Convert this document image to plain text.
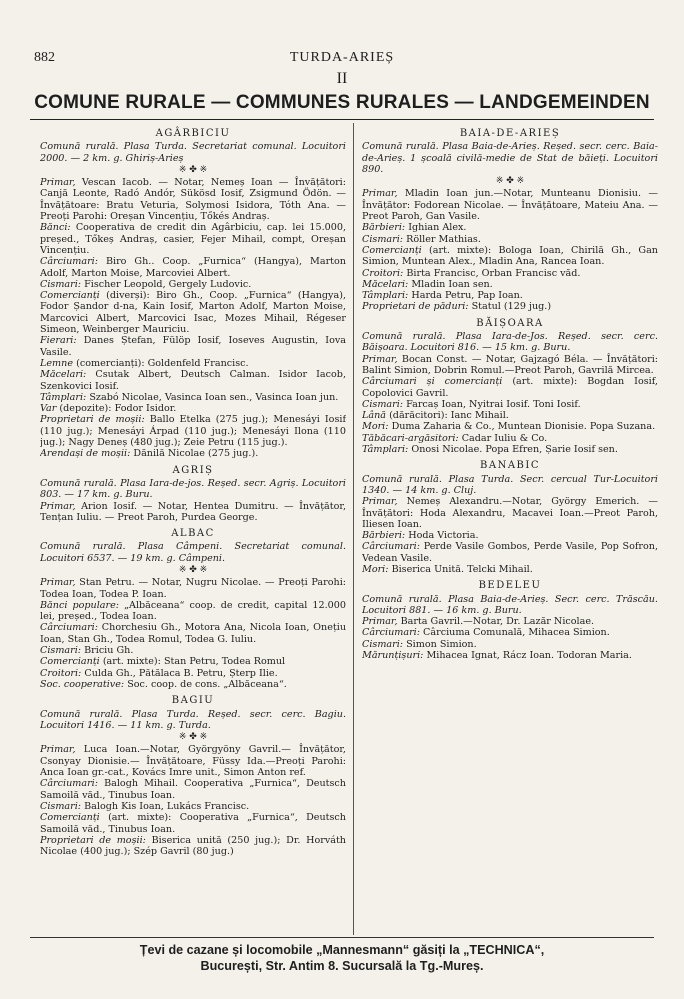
882	TURDA-ARIEȘ
II
COMUNE RURALE — COMMUNES RURALES — LANDGEMEINDEN
AGÂRBICIU

Comună rurală. Plasa Turda. Secretariat comunal. Locuitori 2000. — 2 km. g. Ghiriș-Arieș

※ ✤ ※

Primar, Vescan Iacob. — Notar, Nemeș Ioan — Învățători: Canjă Leonte, Radó Andór, Sükösd Iosif, Zsigmund Ödön. — Învățătoare: Bratu Veturia, Solymosi Isidora, Tóth Ana. — Preoți Parohi: Oreșan Vincențiu, Tőkés Andraș.

Bănci: Cooperativa de credit din Agârbiciu, cap. lei 15.000, președ., Tőkeș Andraș, casier, Fejer Mihail, compt, Oreșan Vincențiu.

Cârciumari: Biro Gh.. Coop. „Furnica“ (Hangya), Marton Adolf, Marton Moise, Marcoviei Albert.

Cismari: Fischer Leopold, Gergely Ludovic.

Comercianți (diverși): Biro Gh., Coop. „Furnica“ (Hangya), Fodor Șandor d-na, Kain Iosif, Marton Adolf, Marton Moise, Marcovici Albert, Marcovici Isac, Mozes Mihail, Régeser Simeon, Weinberger Mauriciu.

Fierari: Danes Ștefan, Fülöp Iosif, Ioseves Augustin, Iova Vasile.

Lemne (comercianți): Goldenfeld Francisc.

Măcelari: Csutak Albert, Deutsch Calman. Isidor Iacob, Szenkovici Iosif.

Tâmplari: Szabó Nicolae, Vasinca Ioan sen., Vasinca Ioan jun.

Var (depozite): Fodor Isidor.

Proprietari de moșii: Ballo Etelka (275 jug.); Menesáyi Iosif (110 jug.); Menesáyi Árpad (110 jug.); Menesáyi Ilona (110 jug.); Nagy Deneș (480 jug.); Zeie Petru (115 jug.).

Arendași de moșii: Dănilă Nicolae (275 jug.).

AGRIȘ

Comună rurală. Plasa Iara-de-jos. Reșed. secr. Agriș. Locuitori 803. — 17 km. g. Buru.

Primar, Arion Iosif. — Notar, Hentea Dumitru. — Învățător, Tențan Iuliu. — Preot Paroh, Purdea George.

ALBAC

Comună rurală. Plasa Câmpeni. Secretariat comunal. Locuitori 6537. — 19 km. g. Câmpeni.

※ ✤ ※

Primar, Stan Petru. — Notar, Nugru Nicolae. — Preoți Parohi: Todea Ioan, Todea P. Ioan.

Bănci populare: „Albăceana“ coop. de credit, capital 12.000 lei, președ., Todea Ioan.

Cârciumari: Chorchesiu Gh., Motora Ana, Nicola Ioan, Onețiu Ioan, Stan Gh., Todea Romul, Todea G. Iuliu.

Cismari: Briciu Gh.

Comercianți (art. mixte): Stan Petru, Todea Romul

Croitori: Culda Gh., Pătălaca B. Petru, Șterp Ilie.

Soc. cooperative: Soc. coop. de cons. „Albăceana“.

BAGIU

Comună rurală. Plasa Turda. Reșed. secr. cerc. Bagiu. Locuitori 1416. — 11 km. g. Turda.

※ ✤ ※

Primar, Luca Ioan.—Notar, Györgyöny Gavril.— Învățător, Csonyay Dionisie.— Învățătoare, Füssy Ida.—Preoți Parohi: Anca Ioan gr.-cat., Kovács Imre unit., Simon Anton ref.

Cârciumari: Balogh Mihail. Cooperativa „Furnica“, Deutsch Samoilă văd., Tinubus Ioan.

Cismari: Balogh Kis Ioan, Lukács Francisc.

Comercianți (art. mixte): Cooperativa „Furnica“, Deutsch Samoilă văd., Tinubus Ioan.

Proprietari de moșii: Biserica unită (250 jug.); Dr. Horváth Nicolae (400 jug.); Szép Gavril (80 jug.)

BAIA-DE-ARIEȘ

Comună rurală. Plasa Baia-de-Arieș. Reșed. secr. cerc. Baia-de-Arieș. 1 școală civilă-medie de Stat de băieți. Locuitori 890.

※ ✤ ※

Primar, Mladin Ioan jun.—Notar, Munteanu Dionisiu. — Învățător: Fodorean Nicolae. — Învățătoare, Mateiu Ana. — Preot Paroh, Gan Vasile.

Bărbieri: Ighian Alex.

Cismari: Röller Mathias.

Comercianți (art. mixte): Bologa Ioan, Chirilă Gh., Gan Simion, Muntean Alex., Mladin Ana, Rancea Ioan.

Croitori: Birta Francisc, Orban Francisc văd.

Măcelari: Mladin Ioan sen.

Tâmplari: Harda Petru, Pap Ioan.

Proprietari de păduri: Statul (129 jug.)

BĂIȘOARA

Comună rurală. Plasa Iara-de-Jos. Reșed. secr. cerc. Băișoara. Locuitori 816. — 15 km. g. Buru.

Primar, Bocan Const. — Notar, Gajzagó Béla. — Învățători: Balint Simion, Dobrin Romul.—Preot Paroh, Gavrilă Mircea.

Cârciumari și comercianți (art. mixte): Bogdan Iosif, Copolovici Gavril.

Cismari: Farcaș Ioan, Nyitrai Iosif. Toni Iosif.

Lână (dărăcitori): Ianc Mihail.

Mori: Duma Zaharia & Co., Muntean Dionisie. Popa Suzana.

Tăbăcari-argăsitori: Cadar Iuliu & Co.

Tâmplari: Onosi Nicolae. Popa Efren, Șarie Iosif sen.

BANABIC

Comună rurală. Plasa Turda. Secr. cercual Tur-Locuitori 1340. — 14 km. g. Cluj.

Primar, Nemeș Alexandru.—Notar, György Emerich. — Învățători: Hoda Alexandru, Macavei Ioan.—Preot Paroh, Iliesen Ioan.

Bărbieri: Hoda Victoria.

Cârciumari: Perde Vasile Gombos, Perde Vasile, Pop Sofron, Vedean Vasile.

Mori: Biserica Unită. Telcki Mihail.

BEDELEU

Comună rurală. Plasa Baia-de-Arieș. Secr. cerc. Trăscău. Locuitori 881. — 16 km. g. Buru.

Primar, Barta Gavril.—Notar, Dr. Lazăr Nicolae.

Cârciumari: Cârciuma Comunală, Mihacea Simion.

Cismari: Simon Simion.

Mărunțișuri: Mihacea Ignat, Rácz Ioan. Todoran Maria.

Țevi de cazane și locomobile „Mannesmann“ găsiți la „TECHNICA“,
București, Str. Antim 8. Sucursală la Tg.-Mureș.
